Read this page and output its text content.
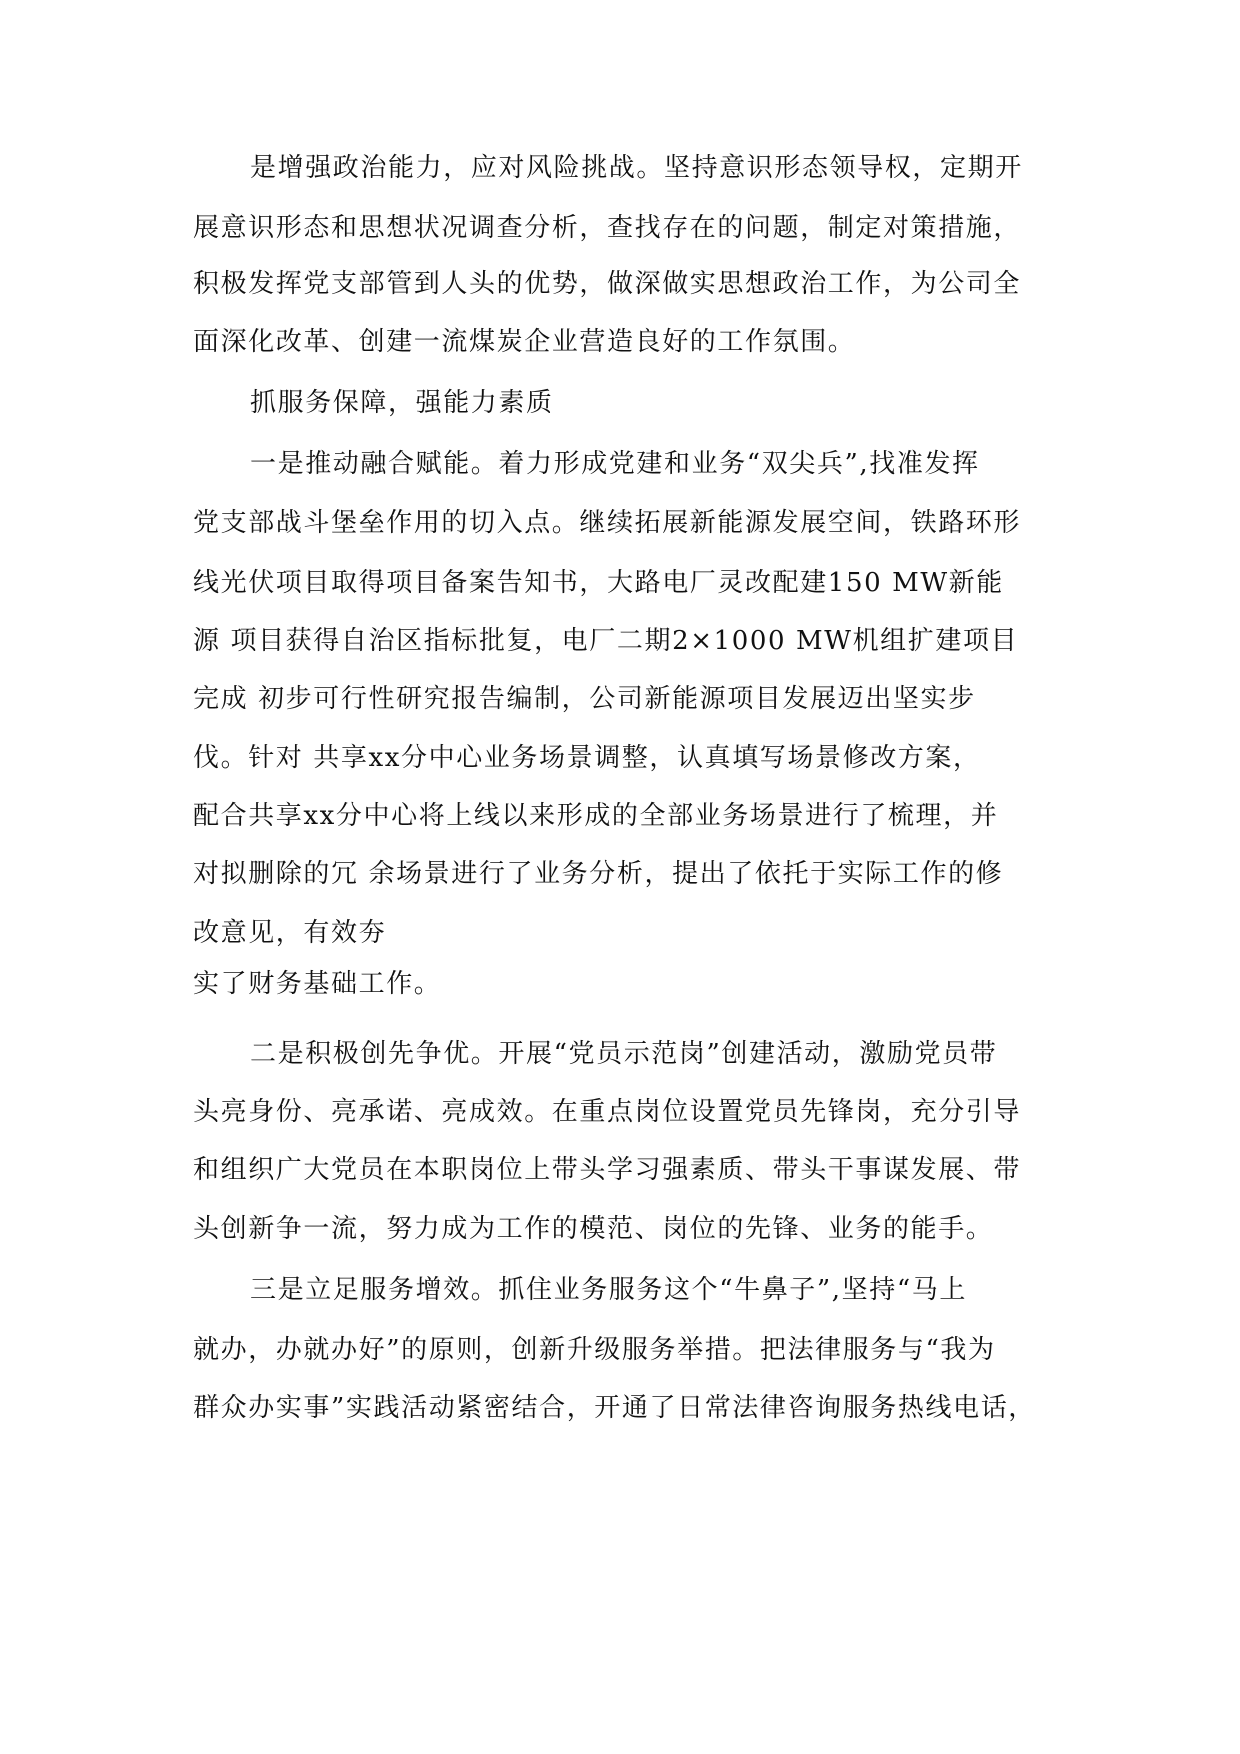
是增强政治能力，应对风险挑战。坚持意识形态领导权，定期开

展意识形态和思想状况调查分析，查找存在的问题，制定对策措施，

积极发挥党支部管到人头的优势，做深做实思想政治工作，为公司全

面深化改革、创建一流煤炭企业营造良好的工作氛围。

抓服务保障，强能力素质

一是推动融合赋能。着力形成党建和业务“双尖兵”,找准发挥

党支部战斗堡垒作用的切入点。继续拓展新能源发展空间，铁路环形

线光伏项目取得项目备案告知书，大路电厂灵改配建150 MW新能

源 项目获得自治区指标批复，电厂二期2×1000 MW机组扩建项目

完成 初步可行性研究报告编制，公司新能源项目发展迈出坚实步

伐。针对 共享xx分中心业务场景调整，认真填写场景修改方案，

配合共享xx分中心将上线以来形成的全部业务场景进行了梳理，并

对拟删除的冗 余场景进行了业务分析，提出了依托于实际工作的修

改意见，有效夯

实了财务基础工作。

二是积极创先争优。开展“党员示范岗”创建活动，激励党员带

头亮身份、亮承诺、亮成效。在重点岗位设置党员先锋岗，充分引导

和组织广大党员在本职岗位上带头学习强素质、带头干事谋发展、带

头创新争一流，努力成为工作的模范、岗位的先锋、业务的能手。

三是立足服务增效。抓住业务服务这个“牛鼻子”,坚持“马上

就办，办就办好”的原则，创新升级服务举措。把法律服务与“我为

群众办实事”实践活动紧密结合，开通了日常法律咨询服务热线电话，
